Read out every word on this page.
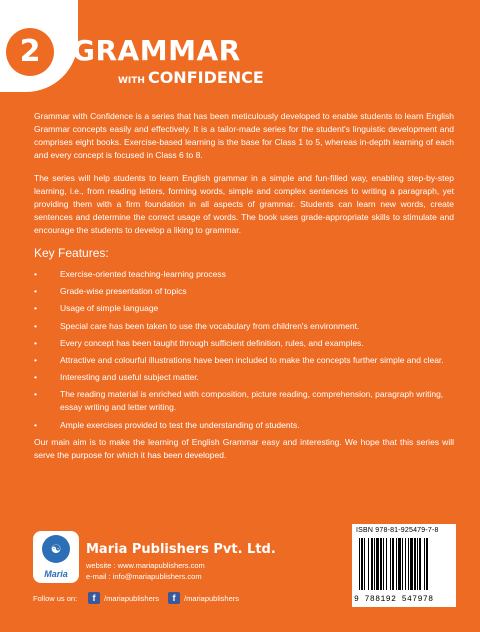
2	GRAMMAR
WITH CONFIDENCE

Grammar with Confidence is a series that has been meticulously developed to enable students to learn English Grammar concepts easily and effectively. It is a tailor-made series for the student's linguistic development and comprises eight books. Exercise-based learning is the base for Class 1 to 5, whereas in-depth learning of each and every concept is focused in Class 6 to 8.

The series will help students to learn English grammar in a simple and fun-filled way, enabling step-by-step learning, i.e., from reading letters, forming words, simple and complex sentences to writing a paragraph, yet providing them with a firm foundation in all aspects of grammar. Students can learn new words, create sentences and determine the correct usage of words. The book uses grade-appropriate skills to stimulate and encourage the students to develop a liking to grammar.

Key Features:
•	Exercise-oriented teaching-learning process
•	Grade-wise presentation of topics
•	Usage of simple language
•	Special care has been taken to use the vocabulary from children's environment.
•	Every concept has been taught through sufficient definition, rules, and examples.
•	Attractive and colourful illustrations have been included to make the concepts further simple and clear.
•	Interesting and useful subject matter.
•	The reading material is enriched with composition, picture reading, comprehension, paragraph writing, essay writing and letter writing.
•	Ample exercises provided to test the understanding of students.

Our main aim is to make the learning of English Grammar easy and interesting. We hope that this series will serve the purpose for which it has been developed.

☯
Maria
Maria Publishers Pvt. Ltd.
website : www.mariapublishers.com
e-mail : info@mariapublishers.com
ISBN 978-81-925479-7-8
9 788192 547978
Follow us on:	f	/mariapublishers	f	/mariapublishers
